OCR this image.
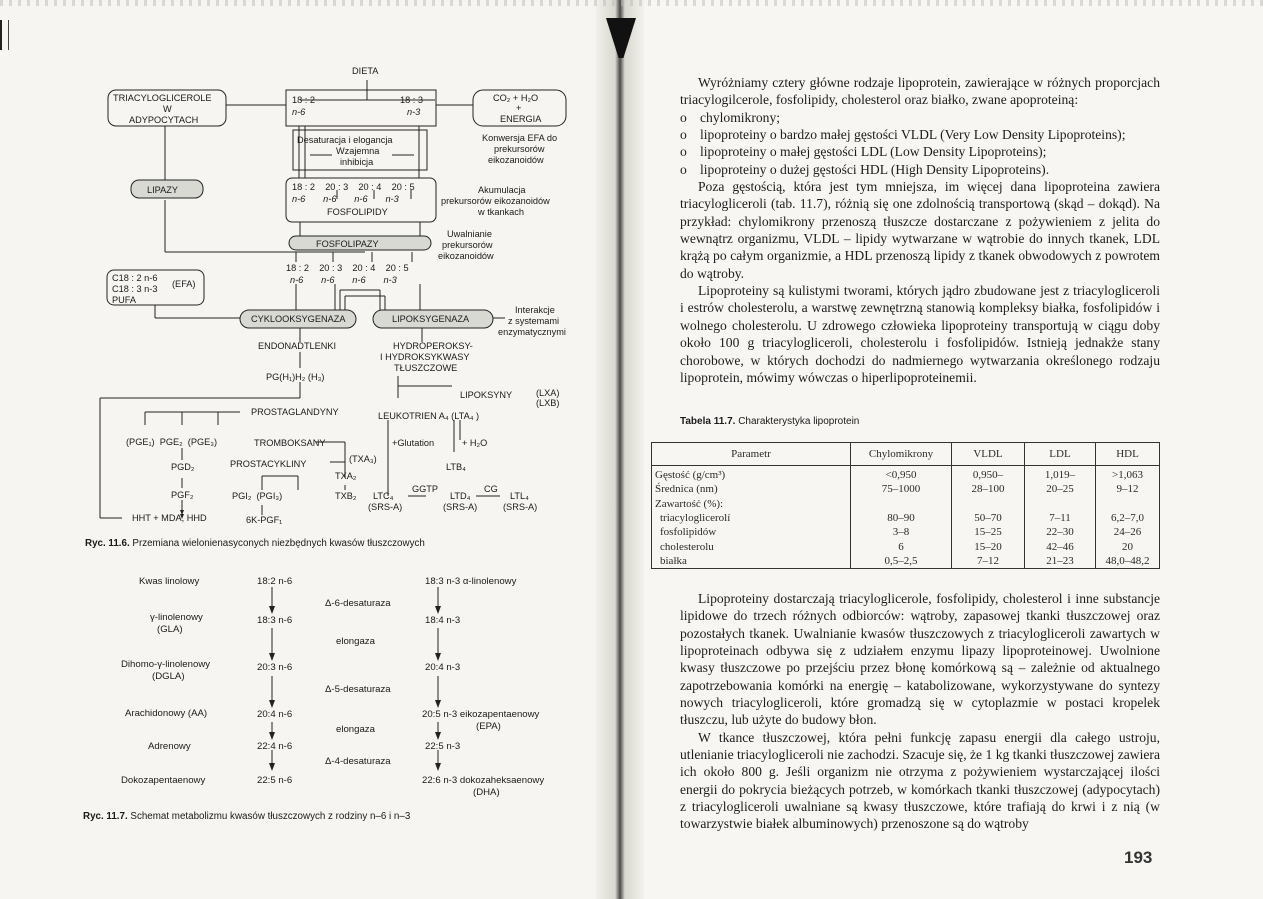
DIETA
TRIACYLOGLICEROLE
W
ADYPOCYTACH
18 : 2
n-6
18 : 3
n-3
CO₂ + H₂O
+
ENERGIA
Desaturacja i elogancja
Wzajemna
inhibicja
Konwersja EFA do
prekursorów
eikozanoidów
LIPAZY	18 : 2    20 : 3    20 : 4    20 : 5
n-6       n-6       n-6       n-3
FOSFOLIPIDY
Akumulacja
prekursorów eikozanoidów
w tkankach
FOSFOLIPAZY
Uwalnianie
prekursorów
eikozanoidów
18 : 2    20 : 3    20 : 4    20 : 5
n-6       n-6       n-6       n-3
C18 : 2 n-6
C18 : 3 n-3
PUFA
(EFA)
CYKLOOKSYGENAZA	LIPOKSYGENAZA
Interakcje
z systemami
enzymatycznymi
ENDONADTLENKI	HYDROPEROKSY-
I HYDROKSYKWASY
TŁUSZCZOWE
PG(H₁)H₂ (H₃)
LIPOKSYNY	(LXA)
(LXB)
PROSTAGLANDYNY	LEUKOTRIEN A₄ (LTA₄ )
(PGE₁)  PGE₂  (PGE₃)	TROMBOKSANY	+Glutation	+ H₂O
PGD₂	PROSTACYKLINY	(TXA₃)
TXA₂
LTB₄
GGTP	CG
PGF₂	PGI₂  (PGI₃)	TXB₂ LTC₄	LTD₄	LTL₄
(SRS-A)	(SRS-A)	(SRS-A)
HHT + MDA, HHD	6K-PGF₁
Ryc. 11.6. Przemiana wielonienasyconych niezbędnych kwasów tłuszczowych
Kwas linolowy	18:2 n-6	18:3 n-3 α-linolenowy
Δ-6-desaturaza
γ-linolenowy
(GLA)
18:3 n-6	18:4 n-3
elongaza
Dihomo-γ-linolenowy
(DGLA)
20:3 n-6	20:4 n-3
Δ-5-desaturaza
Arachidonowy (AA)	20:4 n-6	20:5 n-3 eikozapentaenowy
(EPA)
elongaza
Adrenowy	22:4 n-6	22:5 n-3
Δ-4-desaturaza
Dokozapentaenowy	22:5 n-6	22:6 n-3 dokozaheksaenowy
(DHA)
Ryc. 11.7. Schemat metabolizmu kwasów tłuszczowych z rodziny n–6 i n–3

Wyróżniamy cztery główne rodzaje lipoprotein, zawierające w różnych proporcjach triacylogilcerole, fosfolipidy, cholesterol oraz białko, zwane apoproteiną:

o chylomikrony;
o lipoproteiny o bardzo małej gęstości VLDL (Very Low Density Lipoproteins);
o lipoproteiny o małej gęstości LDL (Low Density Lipoproteins);
o lipoproteiny o dużej gęstości HDL (High Density Lipoproteins).

Poza gęstością, która jest tym mniejsza, im więcej dana lipoproteina zawiera triacylogliceroli (tab. 11.7), różnią się one zdolnością transportową (skąd – dokąd). Na przykład: chylomikrony przenoszą tłuszcze dostarczane z pożywieniem z jelita do wewnątrz organizmu, VLDL – lipidy wytwarzane w wątrobie do innych tkanek, LDL krążą po całym organizmie, a HDL przenoszą lipidy z tkanek obwodowych z powrotem do wątroby.

Lipoproteiny są kulistymi tworami, których jądro zbudowane jest z triacylogliceroli i estrów cholesterolu, a warstwę zewnętrzną stanowią kompleksy białka, fosfolipidów i wolnego cholesterolu. U zdrowego człowieka lipoproteiny transportują w ciągu doby około 100 g triacylogliceroli, cholesterolu i fosfolipidów. Istnieją jednakże stany chorobowe, w których dochodzi do nadmiernego wytwarzania określonego rodzaju lipoprotein, mówimy wówczas o hiperlipoproteinemii.

Tabela 11.7. Charakterystyka lipoprotein
Parametr	Chylomikrony	VLDL	LDL	HDL
Gęstość (g/cm³)	<0,950	0,950–	1,019–	>1,063
Średnica (nm)	75–1000	28–100	20–25	9–12
Zawartość (%):				
triacyloglicerolí	80–90	50–70	7–11	6,2–7,0
fosfolipidów	3–8	15–25	22–30	24–26
cholesterolu	6	15–20	42–46	20
białka	0,5–2,5	7–12	21–23	48,0–48,2

Lipoproteiny dostarczają triacyloglicerole, fosfolipidy, cholesterol i inne substancje lipidowe do trzech różnych odbiorców: wątroby, zapasowej tkanki tłuszczowej oraz pozostałych tkanek. Uwalnianie kwasów tłuszczowych z triacylogliceroli zawartych w lipoproteinach odbywa się z udziałem enzymu lipazy lipoproteinowej. Uwolnione kwasy tłuszczowe po przejściu przez błonę komórkową są – zależnie od aktualnego zapotrzebowania komórki na energię – katabolizowane, wykorzystywane do syntezy nowych triacylogliceroli, które gromadzą się w cytoplazmie w postaci kropelek tłuszczu, lub użyte do budowy błon.

W tkance tłuszczowej, która pełni funkcję zapasu energii dla całego ustroju, utlenianie triacylogliceroli nie zachodzi. Szacuje się, że 1 kg tkanki tłuszczowej zawiera ich około 800 g. Jeśli organizm nie otrzyma z pożywieniem wystarczającej ilości energii do pokrycia bieżących potrzeb, w komórkach tkanki tłuszczowej (adypocytach) z triacylogliceroli uwalniane są kwasy tłuszczowe, które trafiają do krwi i z nią (w towarzystwie białek albuminowych) przenoszone są do wątroby

193
